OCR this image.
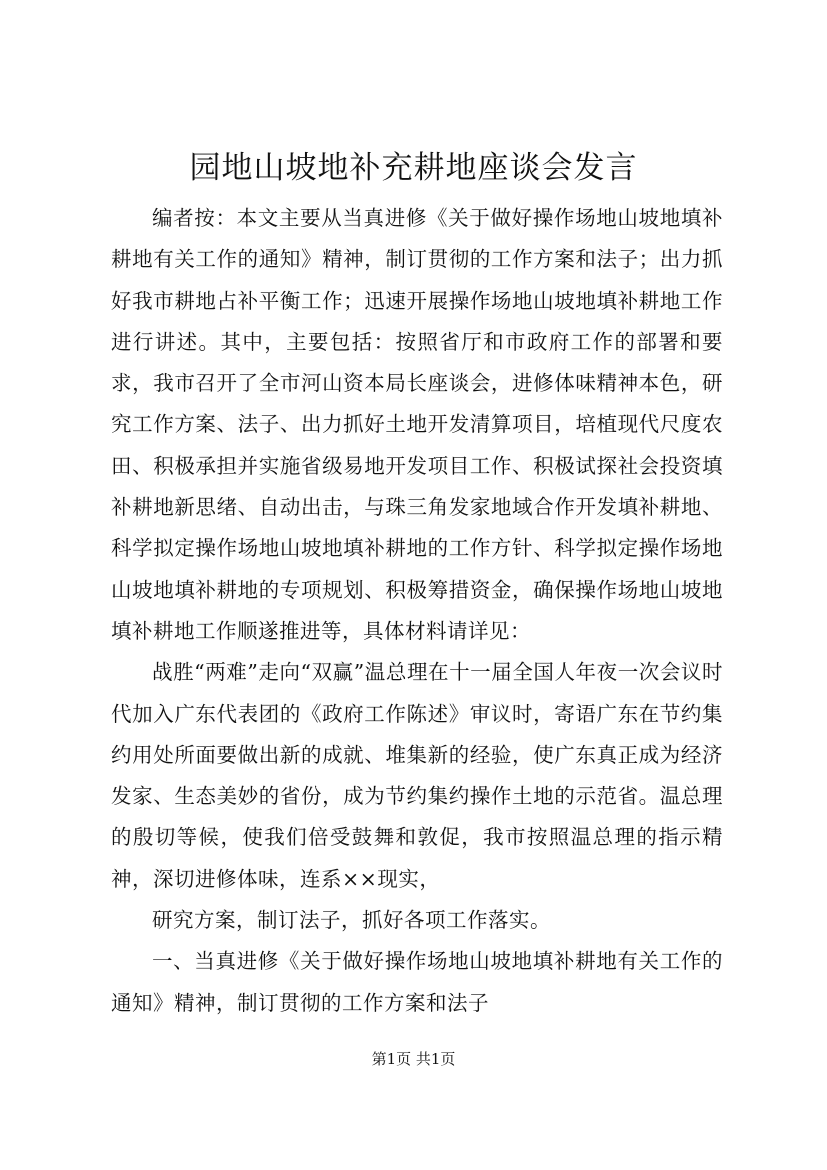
园地山坡地补充耕地座谈会发言

编者按：本文主要从当真进修《关于做好操作场地山坡地填补耕地有关工作的通知》精神，制订贯彻的工作方案和法子；出力抓好我市耕地占补平衡工作；迅速开展操作场地山坡地填补耕地工作进行讲述。其中，主要包括：按照省厅和市政府工作的部署和要求，我市召开了全市河山资本局长座谈会，进修体味精神本色，研究工作方案、法子、出力抓好土地开发清算项目，培植现代尺度农田、积极承担并实施省级易地开发项目工作、积极试探社会投资填补耕地新思绪、自动出击，与珠三角发家地域合作开发填补耕地、科学拟定操作场地山坡地填补耕地的工作方针、科学拟定操作场地山坡地填补耕地的专项规划、积极筹措资金，确保操作场地山坡地填补耕地工作顺遂推进等，具体材料请详见：

战胜“两难”走向“双赢”温总理在十一届全国人年夜一次会议时代加入广东代表团的《政府工作陈述》审议时，寄语广东在节约集约用处所面要做出新的成就、堆集新的经验，使广东真正成为经济发家、生态美妙的省份，成为节约集约操作土地的示范省。温总理的殷切等候，使我们倍受鼓舞和敦促，我市按照温总理的指示精神，深切进修体味，连系××现实，

研究方案，制订法子，抓好各项工作落实。

一、当真进修《关于做好操作场地山坡地填补耕地有关工作的通知》精神，制订贯彻的工作方案和法子

第1页 共1页
